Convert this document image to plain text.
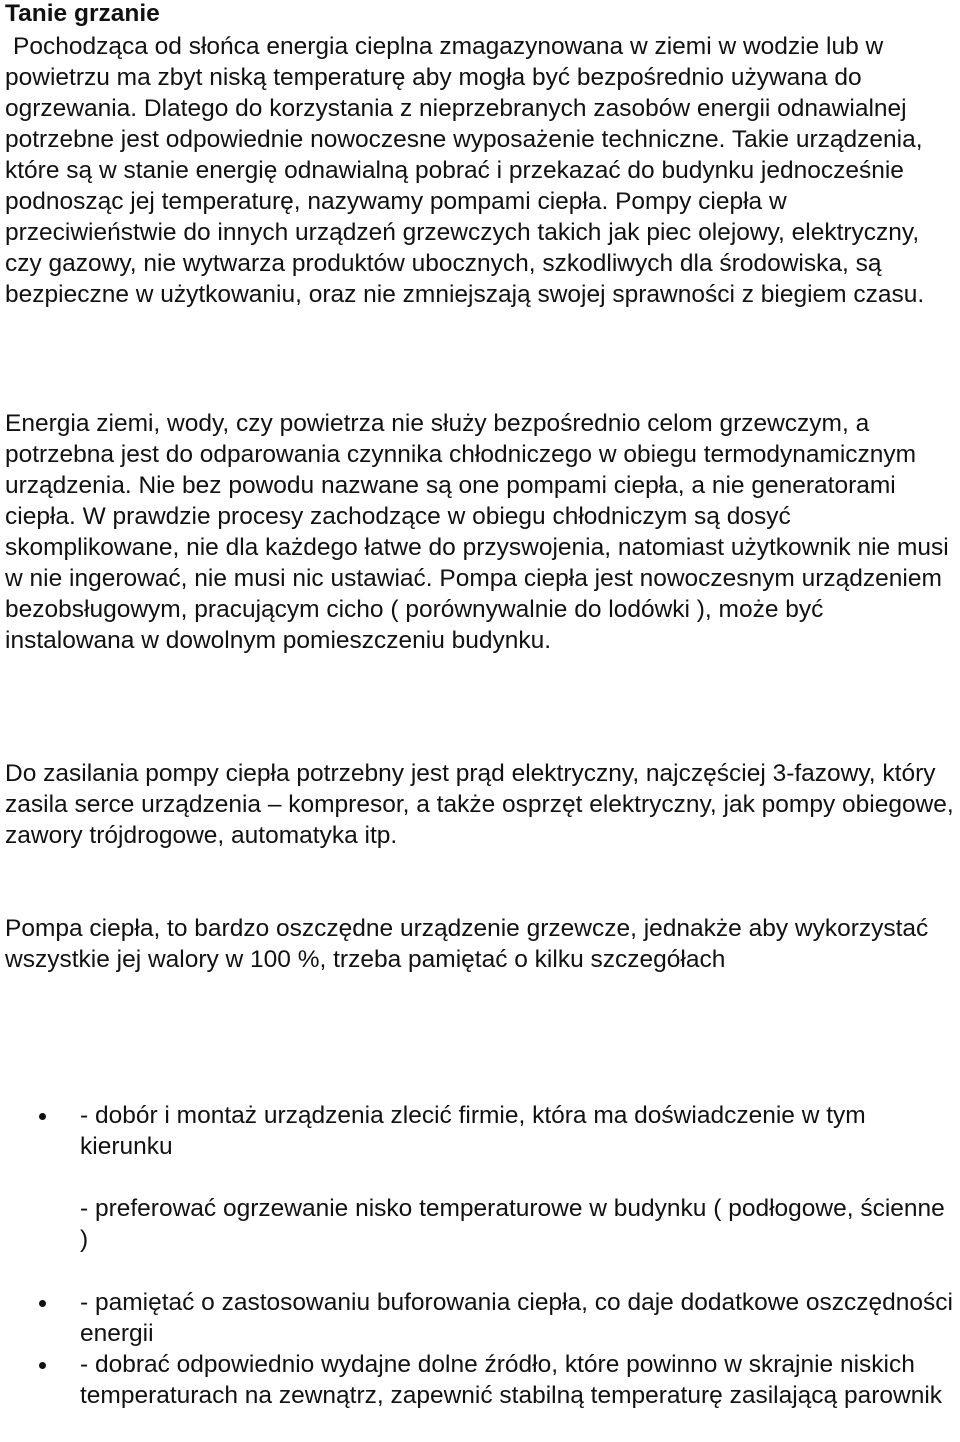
Tanie grzanie

Pochodząca od słońca energia cieplna zmagazynowana w ziemi w wodzie lub w powietrzu ma zbyt niską temperaturę aby mogła być bezpośrednio używana do ogrzewania. Dlatego do korzystania z nieprzebranych zasobów energii odnawialnej potrzebne jest odpowiednie nowoczesne wyposażenie techniczne. Takie urządzenia, które są w stanie energię odnawialną pobrać i przekazać do budynku jednocześnie podnosząc jej temperaturę, nazywamy pompami ciepła. Pompy ciepła w przeciwieństwie do innych urządzeń grzewczych takich jak piec olejowy, elektryczny, czy gazowy, nie wytwarza produktów ubocznych, szkodliwych dla środowiska, są bezpieczne w użytkowaniu, oraz nie zmniejszają swojej sprawności z biegiem czasu.

Energia ziemi, wody, czy powietrza nie służy bezpośrednio celom grzewczym, a potrzebna jest do odparowania czynnika chłodniczego w obiegu termodynamicznym urządzenia. Nie bez powodu nazwane są one pompami ciepła, a nie generatorami ciepła. W prawdzie procesy zachodzące w obiegu chłodniczym są dosyć skomplikowane, nie dla każdego łatwe do przyswojenia, natomiast użytkownik nie musi w nie ingerować, nie musi nic ustawiać. Pompa ciepła jest nowoczesnym urządzeniem bezobsługowym, pracującym cicho ( porównywalnie do lodówki ), może być instalowana w dowolnym pomieszczeniu budynku.

Do zasilania pompy ciepła potrzebny jest prąd elektryczny, najczęściej 3-fazowy, który zasila serce urządzenia – kompresor, a także osprzęt elektryczny, jak pompy obiegowe, zawory trójdrogowe, automatyka itp.

Pompa ciepła, to bardzo oszczędne urządzenie grzewcze, jednakże aby wykorzystać wszystkie jej walory w 100 %, trzeba pamiętać o kilku szczegółach

- dobór i montaż urządzenia zlecić firmie, która ma doświadczenie w tym kierunku
- preferować ogrzewanie nisko temperaturowe w budynku ( podłogowe, ścienne )
- pamiętać o zastosowaniu buforowania ciepła, co daje dodatkowe oszczędności energii
- dobrać odpowiednio wydajne dolne źródło, które powinno w skrajnie niskich temperaturach na zewnątrz, zapewnić stabilną temperaturę zasilającą parownik
